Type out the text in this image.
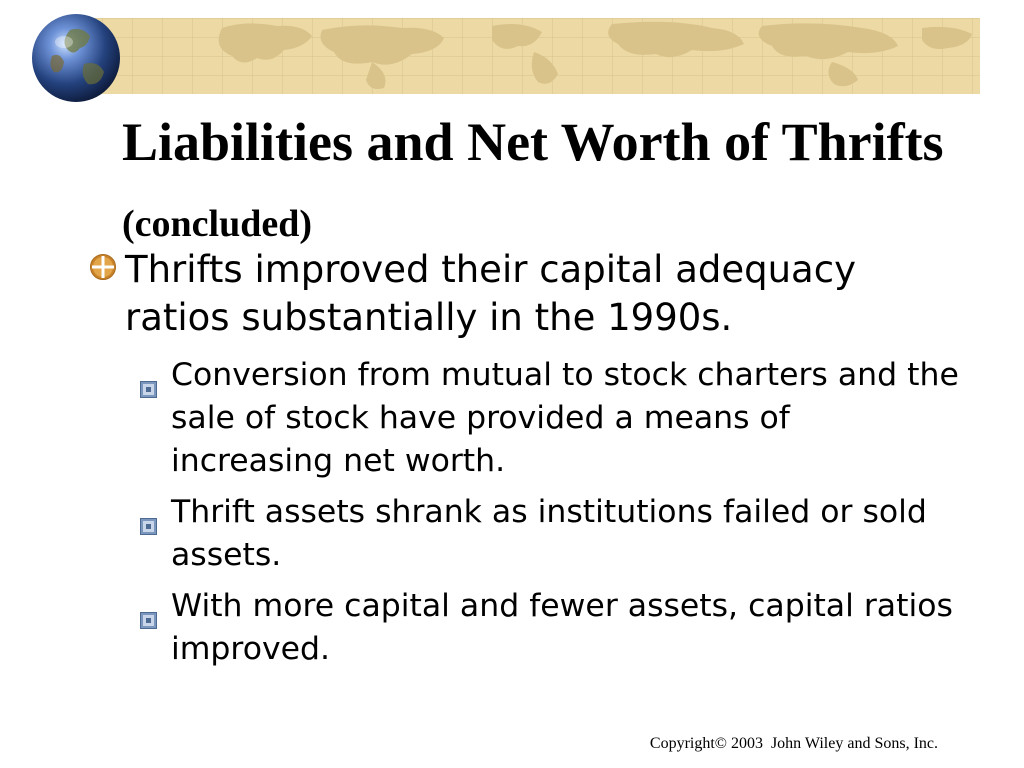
Liabilities and Net Worth of Thrifts (concluded)
Thrifts improved their capital adequacy ratios substantially in the 1990s.
Conversion from mutual to stock charters and the sale of stock have provided a means of increasing net worth.
Thrift assets shrank as institutions failed or sold assets.
With more capital and fewer assets, capital ratios improved.
Copyright© 2003  John Wiley and Sons, Inc.
